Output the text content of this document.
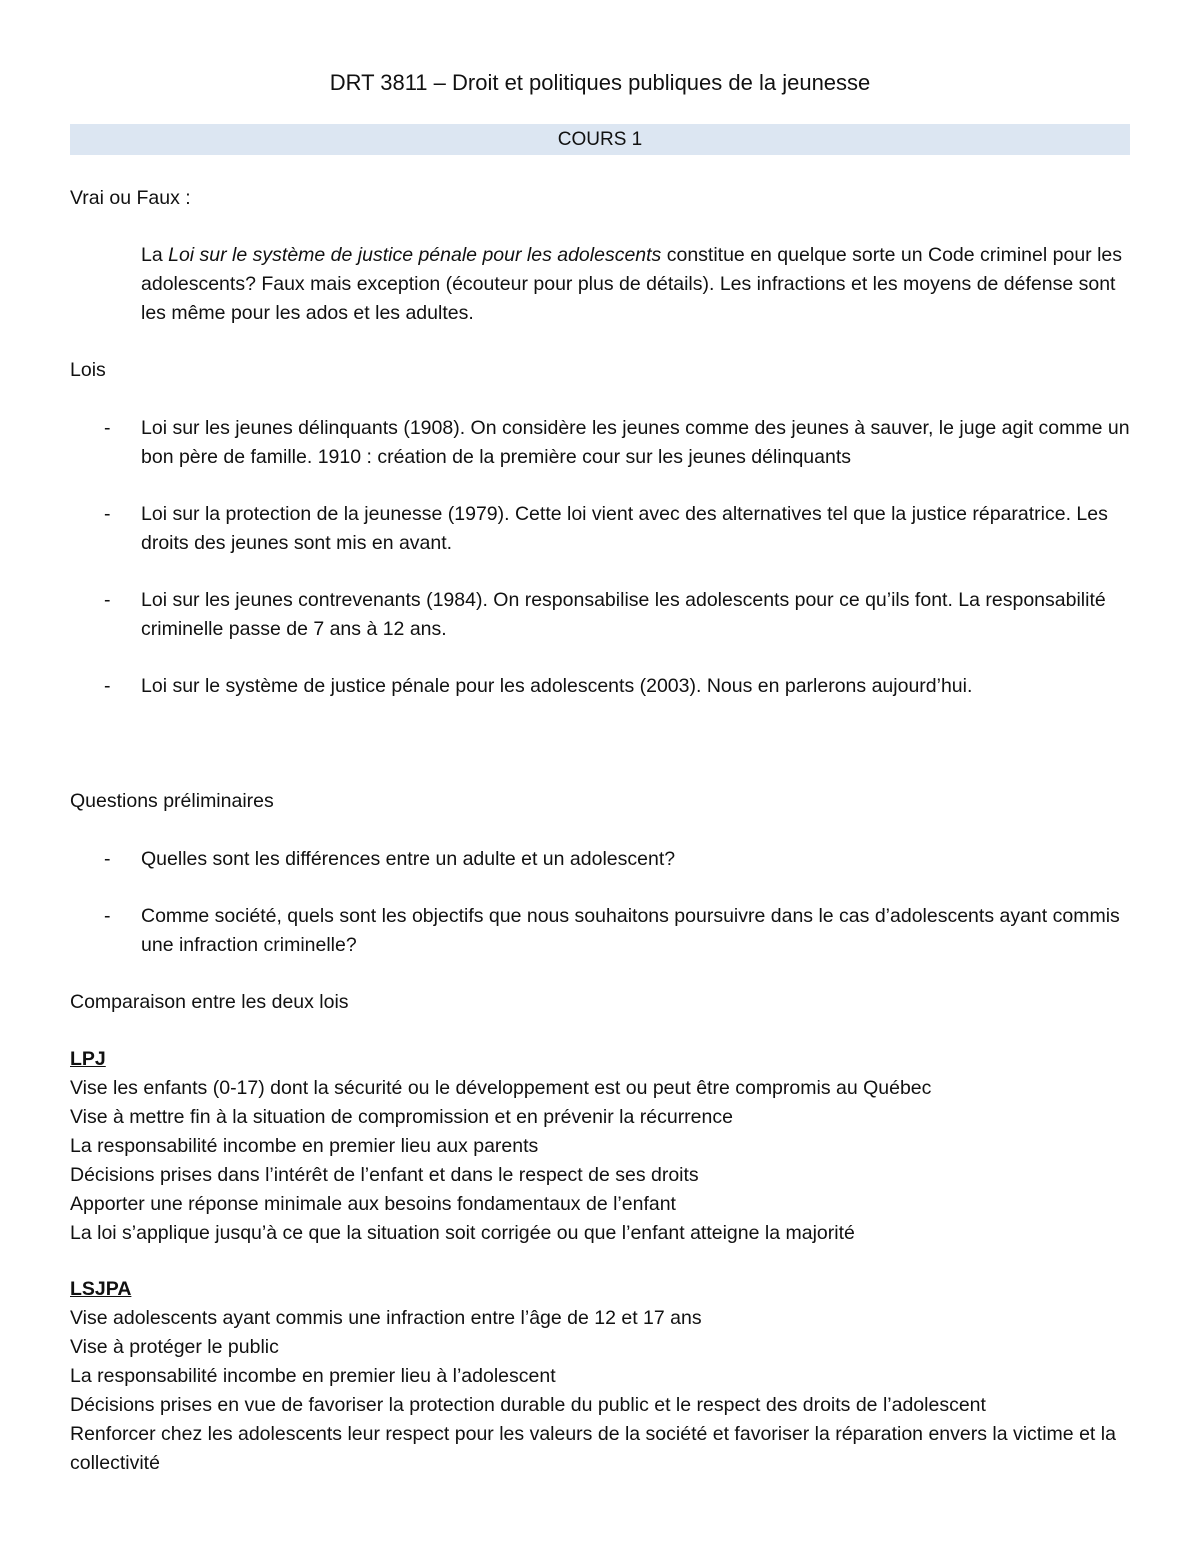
DRT 3811 – Droit et politiques publiques de la jeunesse
COURS 1
Vrai ou Faux :
La Loi sur le système de justice pénale pour les adolescents constitue en quelque sorte un Code criminel pour les adolescents? Faux mais exception (écouteur pour plus de détails). Les infractions et les moyens de défense sont les même pour les ados et les adultes.
Lois
- Loi sur les jeunes délinquants (1908). On considère les jeunes comme des jeunes à sauver, le juge agit comme un bon père de famille. 1910 : création de la première cour sur les jeunes délinquants
- Loi sur la protection de la jeunesse (1979). Cette loi vient avec des alternatives tel que la justice réparatrice. Les droits des jeunes sont mis en avant.
- Loi sur les jeunes contrevenants (1984). On responsabilise les adolescents pour ce qu’ils font. La responsabilité criminelle passe de 7 ans à 12 ans.
- Loi sur le système de justice pénale pour les adolescents (2003). Nous en parlerons aujourd’hui.
Questions préliminaires
- Quelles sont les différences entre un adulte et un adolescent?
- Comme société, quels sont les objectifs que nous souhaitons poursuivre dans le cas d’adolescents ayant commis une infraction criminelle?
Comparaison entre les deux lois
LPJ
Vise les enfants (0-17) dont la sécurité ou le développement est ou peut être compromis au Québec
Vise à mettre fin à la situation de compromission et en prévenir la récurrence
La responsabilité incombe en premier lieu aux parents
Décisions prises dans l’intérêt de l’enfant et dans le respect de ses droits
Apporter une réponse minimale aux besoins fondamentaux de l’enfant
La loi s’applique jusqu’à ce que la situation soit corrigée ou que l’enfant atteigne la majorité
LSJPA
Vise adolescents ayant commis une infraction entre l’âge de 12 et 17 ans
Vise à protéger le public
La responsabilité incombe en premier lieu à l’adolescent
Décisions prises en vue de favoriser la protection durable du public et le respect des droits de l’adolescent
Renforcer chez les adolescents leur respect pour les valeurs de la société et favoriser la réparation envers la victime et la collectivité
